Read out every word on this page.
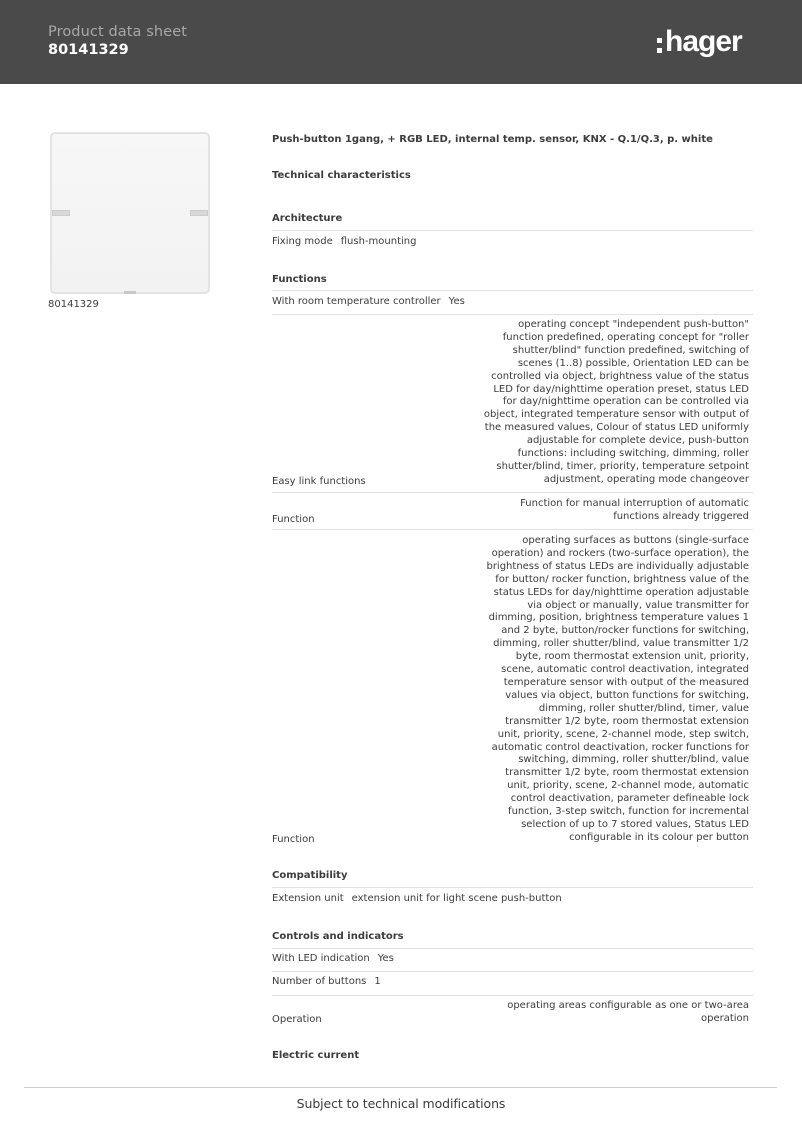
Product data sheet
80141329	hager
80141329
Push-button 1gang, + RGB LED, internal temp. sensor, KNX - Q.1/Q.3, p. white
Technical characteristics
Architecture
Fixing mode flush-mounting
Functions
With room temperature controller Yes
operating concept "independent push-button"
function predefined, operating concept for "roller
shutter/blind" function predefined, switching of
scenes (1..8) possible, Orientation LED can be
controlled via object, brightness value of the status
LED for day/nighttime operation preset, status LED
for day/nighttime operation can be controlled via
object, integrated temperature sensor with output of
the measured values, Colour of status LED uniformly
adjustable for complete device, push-button
functions: including switching, dimming, roller
shutter/blind, timer, priority, temperature setpoint
adjustment, operating mode changeover
Easy link functions
Function for manual interruption of automatic
functions already triggered
Function
operating surfaces as buttons (single-surface
operation) and rockers (two-surface operation), the
brightness of status LEDs are individually adjustable
for button/ rocker function, brightness value of the
status LEDs for day/nighttime operation adjustable
via object or manually, value transmitter for
dimming, position, brightness temperature values 1
and 2 byte, button/rocker functions for switching,
dimming, roller shutter/blind, value transmitter 1/2
byte, room thermostat extension unit, priority,
scene, automatic control deactivation, integrated
temperature sensor with output of the measured
values via object, button functions for switching,
dimming, roller shutter/blind, timer, value
transmitter 1/2 byte, room thermostat extension
unit, priority, scene, 2-channel mode, step switch,
automatic control deactivation, rocker functions for
switching, dimming, roller shutter/blind, value
transmitter 1/2 byte, room thermostat extension
unit, priority, scene, 2-channel mode, automatic
control deactivation, parameter defineable lock
function, 3-step switch, function for incremental
selection of up to 7 stored values, Status LED
configurable in its colour per button
Function
Compatibility
Extension unit extension unit for light scene push-button
Controls and indicators
With LED indication Yes
Number of buttons 1
operating areas configurable as one or two-area
operation
Operation
Electric current
Subject to technical modifications
